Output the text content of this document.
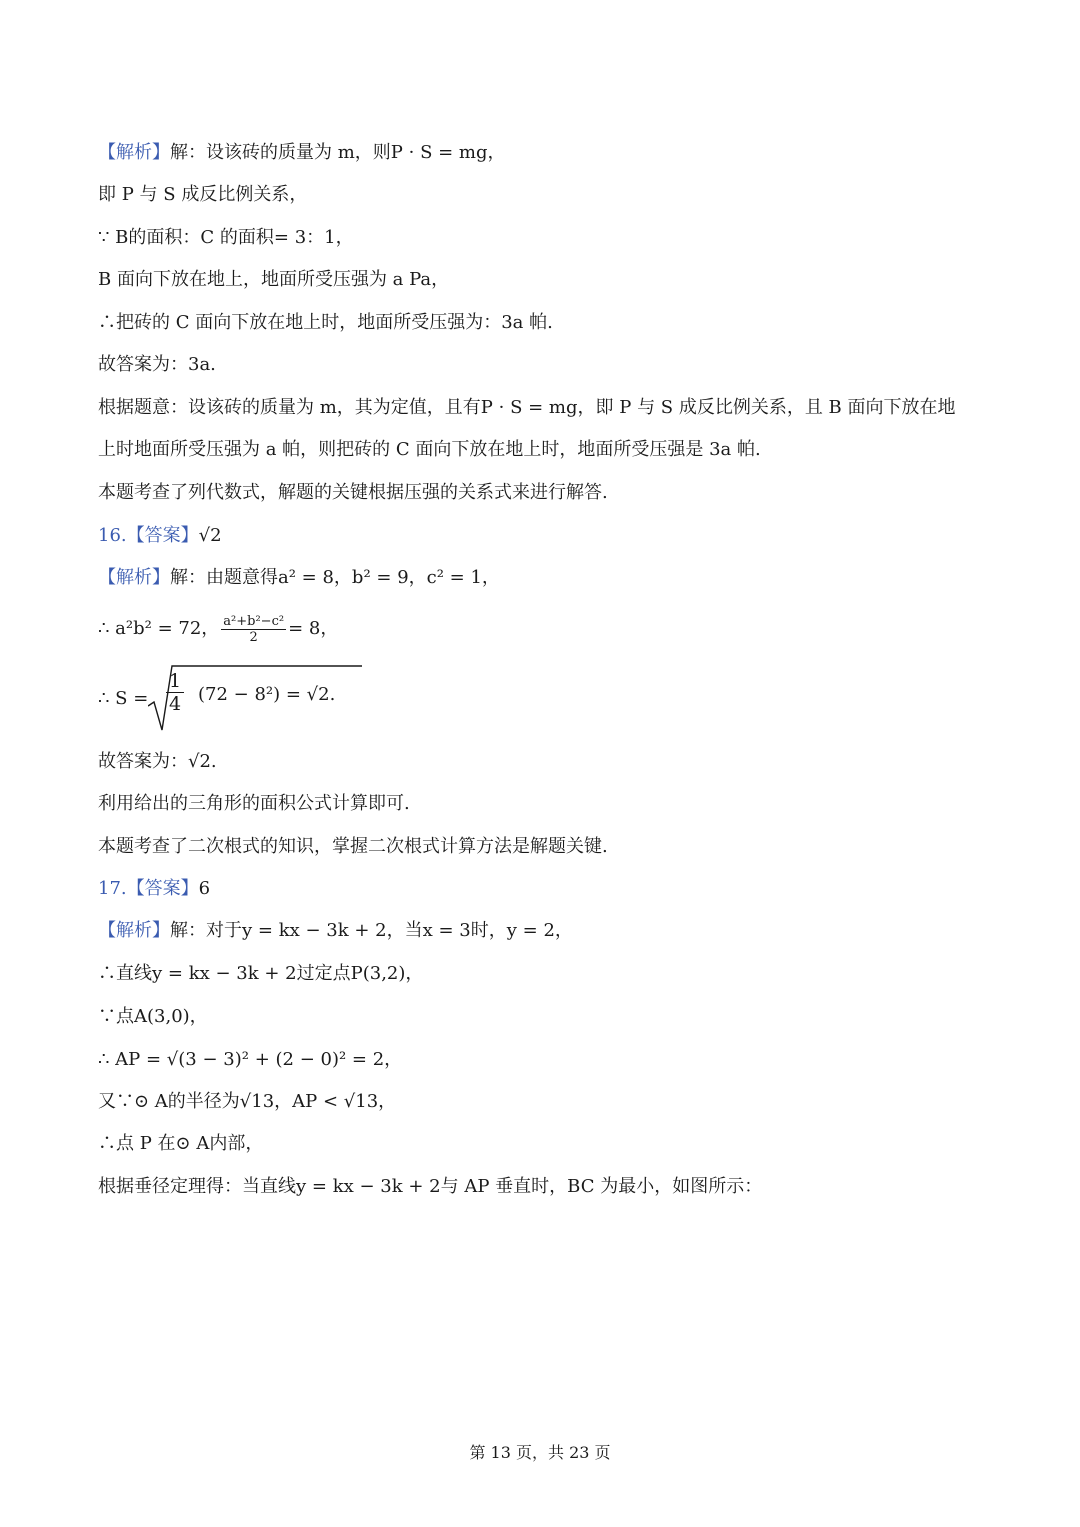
【解析】解：设该砖的质量为 m，则P · S = mg，
即 P 与 S 成反比例关系，
∵ B的面积：C 的面积= 3：1，
B 面向下放在地上，地面所受压强为 a Pa，
∴把砖的 C 面向下放在地上时，地面所受压强为：3a 帕.
故答案为：3a.
根据题意：设该砖的质量为 m，其为定值，且有P · S = mg，即 P 与 S 成反比例关系，且 B 面向下放在地
上时地面所受压强为 a 帕，则把砖的 C 面向下放在地上时，地面所受压强是 3a 帕.
本题考查了列代数式，解题的关键根据压强的关系式来进行解答.
16.【答案】√2
【解析】解：由题意得a² = 8，b² = 9，c² = 1，
∴ a²b² = 72， $\frac{\text{a²+b²−c²}}{2} = 8$，
∴ $S = \frac{1}{4} (72 - 8^2) = √2$.
故答案为：√2.
利用给出的三角形的面积公式计算即可.
本题考查了二次根式的知识，掌握二次根式计算方法是解题关键.
17.【答案】6
【解析】解：对于y = kx − 3k + 2，当x = 3时，y = 2，
∴直线y = kx − 3k + 2过定点P(3,2)，
∵点A(3,0)，
∴ AP = √(3 − 3)² + (2 − 0)² = 2，
又∵⊙ A的半径为√13，AP < √13，
∴点 P 在⊙ A内部，
根据垂径定理得：当直线y = kx − 3k + 2与 AP 垂直时，BC 为最小，如图所示：
第 13 页，共 23 页
